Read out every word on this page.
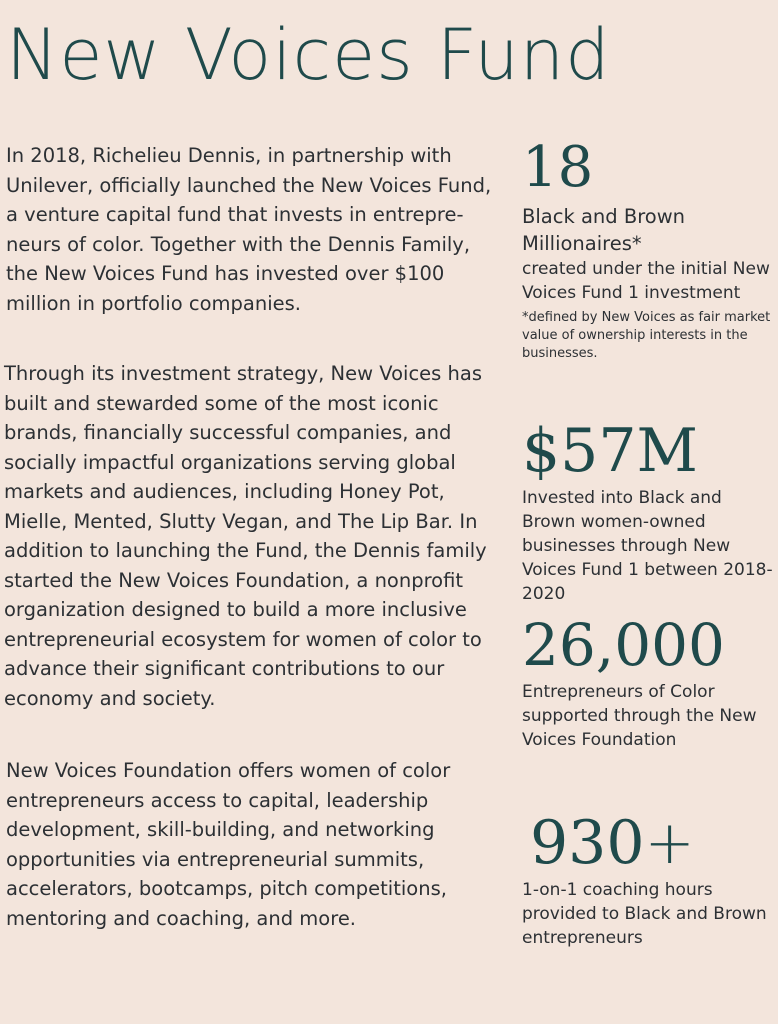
New Voices Fund

In 2018, Richelieu Dennis, in partnership with Unilever, officially launched the New Voices Fund, a venture capital fund that invests in entrepre-neurs of color. Together with the Dennis Family, the New Voices Fund has invested over $100 million in portfolio companies.

Through its investment strategy, New Voices has built and stewarded some of the most iconic brands, financially successful companies, and socially impactful organizations serving global markets and audiences, including Honey Pot, Mielle, Mented, Slutty Vegan, and The Lip Bar. In addition to launching the Fund, the Dennis family started the New Voices Foundation, a nonprofit organization designed to build a more inclusive entrepreneurial ecosystem for women of color to advance their significant contributions to our economy and society.

New Voices Foundation offers women of color entrepreneurs access to capital, leadership development, skill-building, and networking opportunities via entrepreneurial summits, accelerators, bootcamps, pitch competitions, mentoring and coaching, and more.

18
Black and Brown Millionaires*
created under the initial New Voices Fund 1 investment
*defined by New Voices as fair market value of ownership interests in the businesses.
$57M
Invested into Black and Brown women-owned businesses through New Voices Fund 1 between 2018-2020
26,000
Entrepreneurs of Color supported through the New Voices Foundation
930+
1-on-1 coaching hours provided to Black and Brown entrepreneurs
